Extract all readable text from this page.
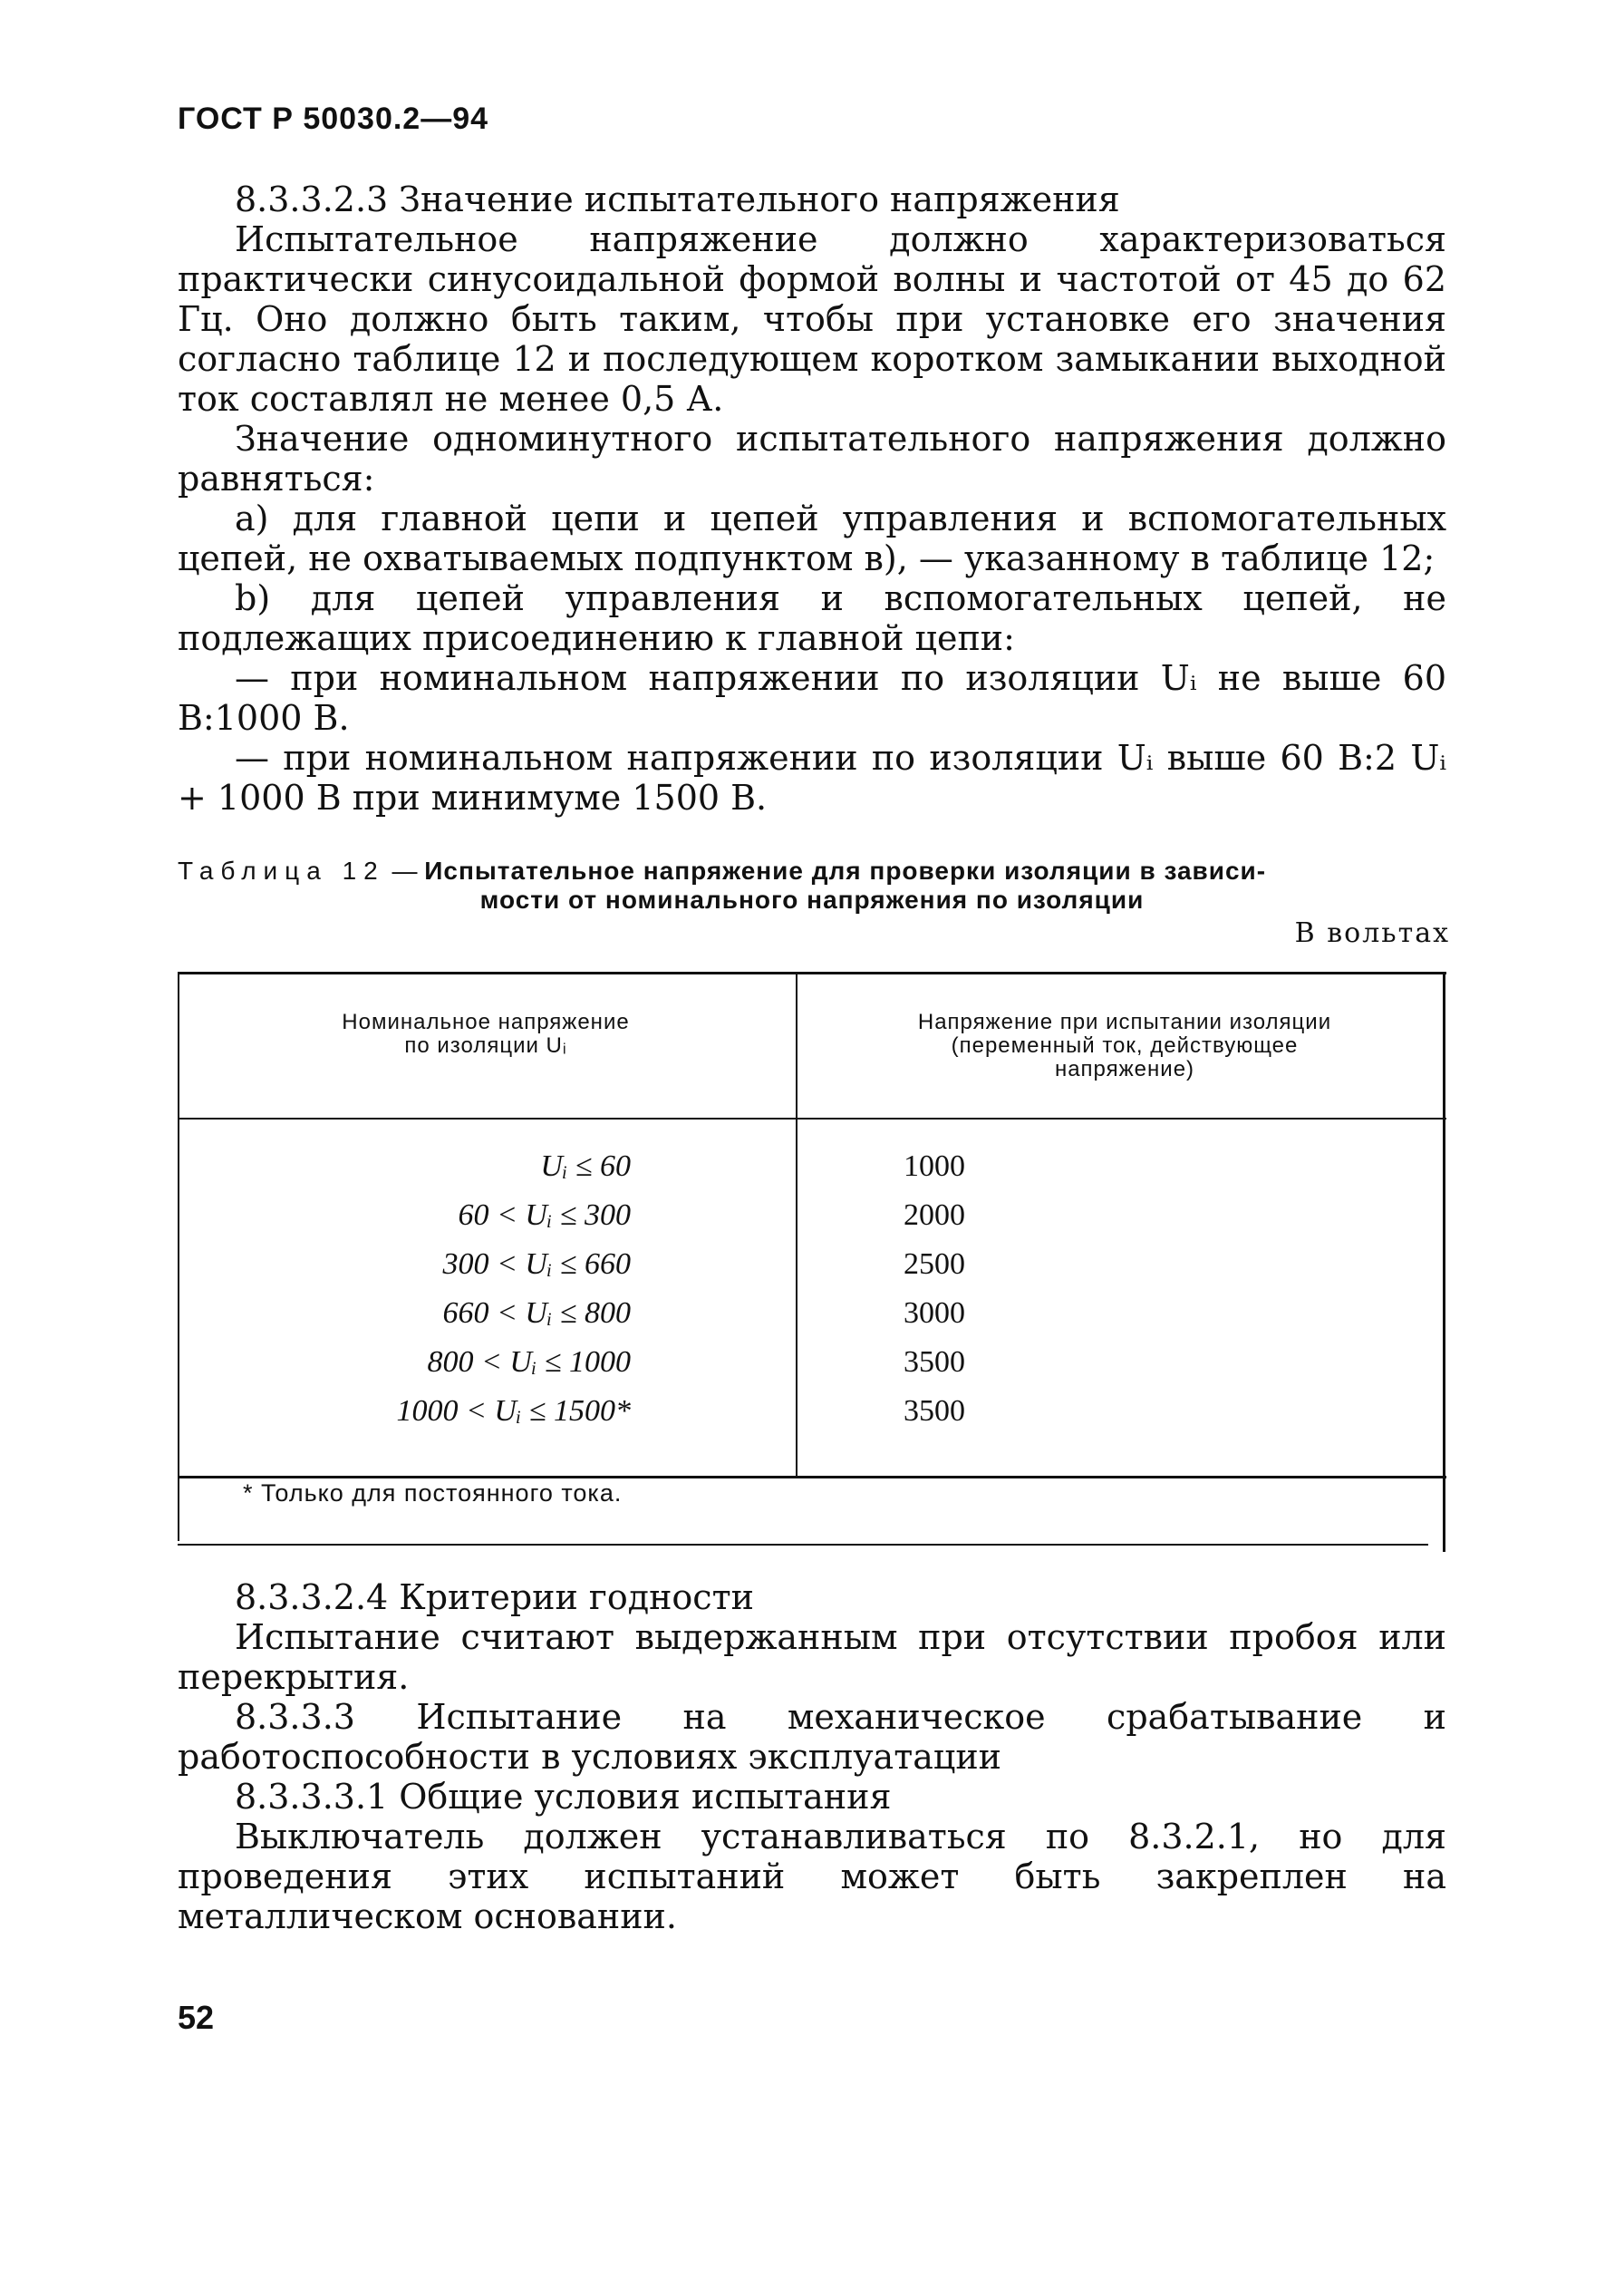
ГОСТ Р 50030.2—94

8.3.3.2.3 Значение испытательного напряжения

Испытательное напряжение должно характеризоваться практически синусоидальной формой волны и частотой от 45 до 62 Гц. Оно должно быть таким, чтобы при установке его значения согласно таблице 12 и последующем коротком замыкании выходной ток составлял не менее 0,5 А.

Значение одноминутного испытательного напряжения должно равняться:

а) для главной цепи и цепей управления и вспомогательных цепей, не охватываемых подпунктом в), — указанному в таблице 12;

b) для цепей управления и вспомогательных цепей, не подлежащих присоединению к главной цепи:

— при номинальном напряжении по изоляции Uᵢ не выше 60 В:1000 В.

— при номинальном напряжении по изоляции Uᵢ выше 60 В:2 Uᵢ + 1000 В при минимуме 1500 В.

Таблица 12 — Испытательное напряжение для проверки изоляции в зависи-
мости от номинального напряжения по изоляции
В вольтах
Номинальное напряжение
по изоляции Uᵢ
Напряжение при испытании изоляции
(переменный ток, действующее
напряжение)
Uᵢ ≤ 60	1000
60 < Uᵢ ≤ 300	2000
300 < Uᵢ ≤ 660	2500
660 < Uᵢ ≤ 800	3000
800 < Uᵢ ≤ 1000	3500
1000 < Uᵢ ≤ 1500*	3500
* Только для постоянного тока.

8.3.3.2.4 Критерии годности

Испытание считают выдержанным при отсутствии пробоя или перекрытия.

8.3.3.3 Испытание на механическое срабатывание и работоспособности в условиях эксплуатации

8.3.3.3.1 Общие условия испытания

Выключатель должен устанавливаться по 8.3.2.1, но для проведения этих испытаний может быть закреплен на металлическом основании.

52
